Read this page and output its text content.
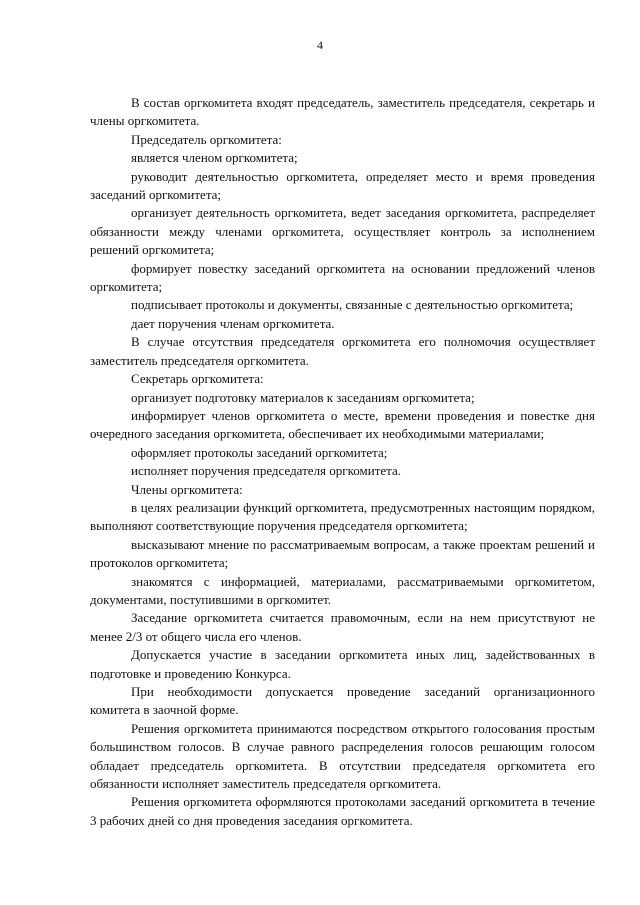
4

В состав оргкомитета входят председатель, заместитель председателя, секретарь и члены оргкомитета.

Председатель оргкомитета:

является членом оргкомитета;

руководит деятельностью оргкомитета, определяет место и время проведения заседаний оргкомитета;

организует деятельность оргкомитета, ведет заседания оргкомитета, распределяет обязанности между членами оргкомитета, осуществляет контроль за исполнением решений оргкомитета;

формирует повестку заседаний оргкомитета на основании предложений членов оргкомитета;

подписывает протоколы и документы, связанные с деятельностью оргкомитета;

дает поручения членам оргкомитета.

В случае отсутствия председателя оргкомитета его полномочия осуществляет заместитель председателя оргкомитета.

Секретарь оргкомитета:

организует подготовку материалов к заседаниям оргкомитета;

информирует членов оргкомитета о месте, времени проведения и повестке дня очередного заседания оргкомитета, обеспечивает их необходимыми материалами;

оформляет протоколы заседаний оргкомитета;

исполняет поручения председателя оргкомитета.

Члены оргкомитета:

в целях реализации функций оргкомитета, предусмотренных настоящим порядком, выполняют соответствующие поручения председателя оргкомитета;

высказывают мнение по рассматриваемым вопросам, а также проектам решений и протоколов оргкомитета;

знакомятся с информацией, материалами, рассматриваемыми оргкомитетом, документами, поступившими в оргкомитет.

Заседание оргкомитета считается правомочным, если на нем присутствуют не менее 2/3 от общего числа его членов.

Допускается участие в заседании оргкомитета иных лиц, задействованных в подготовке и проведению Конкурса.

При необходимости допускается проведение заседаний организационного комитета в заочной форме.

Решения оргкомитета принимаются посредством открытого голосования простым большинством голосов. В случае равного распределения голосов решающим голосом обладает председатель оргкомитета. В отсутствии председателя оргкомитета его обязанности исполняет заместитель председателя оргкомитета.

Решения оргкомитета оформляются протоколами заседаний оргкомитета в течение 3 рабочих дней со дня проведения заседания оргкомитета.
